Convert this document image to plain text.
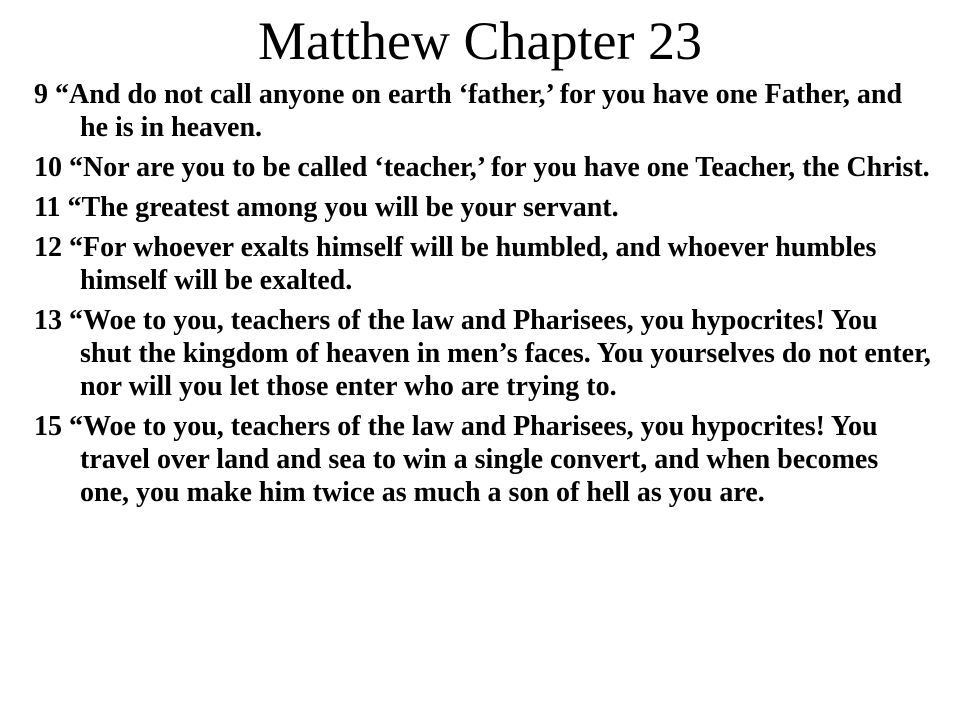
Matthew Chapter 23
9 “And do not call anyone on earth ‘father,’ for you have one Father, and he is in heaven.
10 “Nor are you to be called ‘teacher,’ for you have one Teacher, the Christ.
11 “The greatest among you will be your servant.
12 “For whoever exalts himself will be humbled, and whoever humbles himself will be exalted.
13 “Woe to you, teachers of the law and Pharisees, you hypocrites! You shut the kingdom of heaven in men’s faces. You yourselves do not enter, nor will you let those enter who are trying to.
15 “Woe to you, teachers of the law and Pharisees, you hypocrites! You travel over land and sea to win a single convert, and when becomes one, you make him twice as much a son of hell as you are.
